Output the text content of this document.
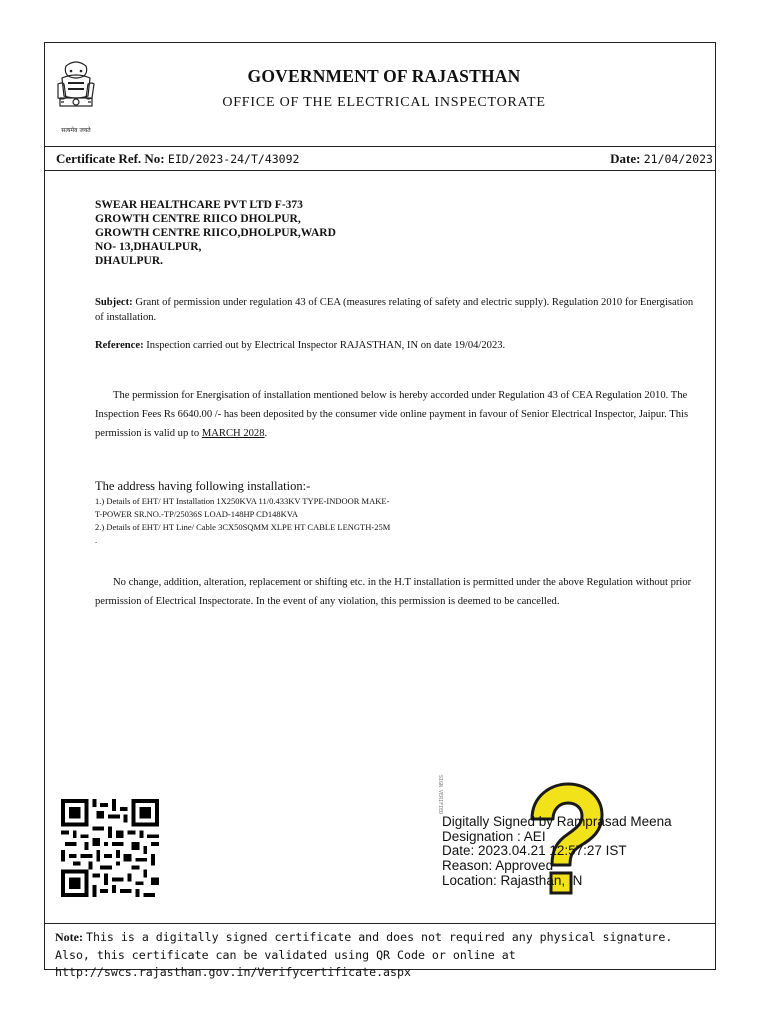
सत्यमेव जयते
GOVERNMENT OF RAJASTHAN
OFFICE OF THE ELECTRICAL INSPECTORATE
Certificate Ref. No: EID/2023-24/T/43092	Date: 21/04/2023
SWEAR HEALTHCARE PVT LTD F-373
GROWTH CENTRE RIICO DHOLPUR,
GROWTH CENTRE RIICO,DHOLPUR,WARD
NO- 13,DHAULPUR,
DHAULPUR.
Subject: Grant of permission under regulation 43 of CEA (measures relating of safety and electric supply). Regulation 2010 for Energisation of installation.
Reference: Inspection carried out by Electrical Inspector RAJASTHAN, IN on date 19/04/2023.
The permission for Energisation of installation mentioned below is hereby accorded under Regulation 43 of CEA Regulation 2010. The Inspection Fees Rs 6640.00 /- has been deposited by the consumer vide online payment in favour of Senior Electrical Inspector, Jaipur. This permission is valid up to MARCH 2028.
The address having following installation:-
1.) Details of EHT/ HT Installation 1X250KVA 11/0.433KV TYPE-INDOOR MAKE-
T-POWER SR.NO.-TP/25036S LOAD-148HP CD148KVA
2.) Details of EHT/ HT Line/ Cable 3CX50SQMM XLPE HT CABLE LENGTH-25M
.
No change, addition, alteration, replacement or shifting etc. in the H.T installation is permitted under the above Regulation without prior permission of Electrical Inspectorate. In the event of any violation, this permission is deemed to be cancelled.
SIGN VERIFIED
Digitally Signed by Ramprasad Meena
Designation : AEI
Date: 2023.04.21 12:57:27 IST
Reason: Approved
Location: Rajasthan, IN
Note: This is a digitally signed certificate and does not required any physical signature. Also, this certificate can be validated using QR Code or online at http://swcs.rajasthan.gov.in/Verifycertificate.aspx
